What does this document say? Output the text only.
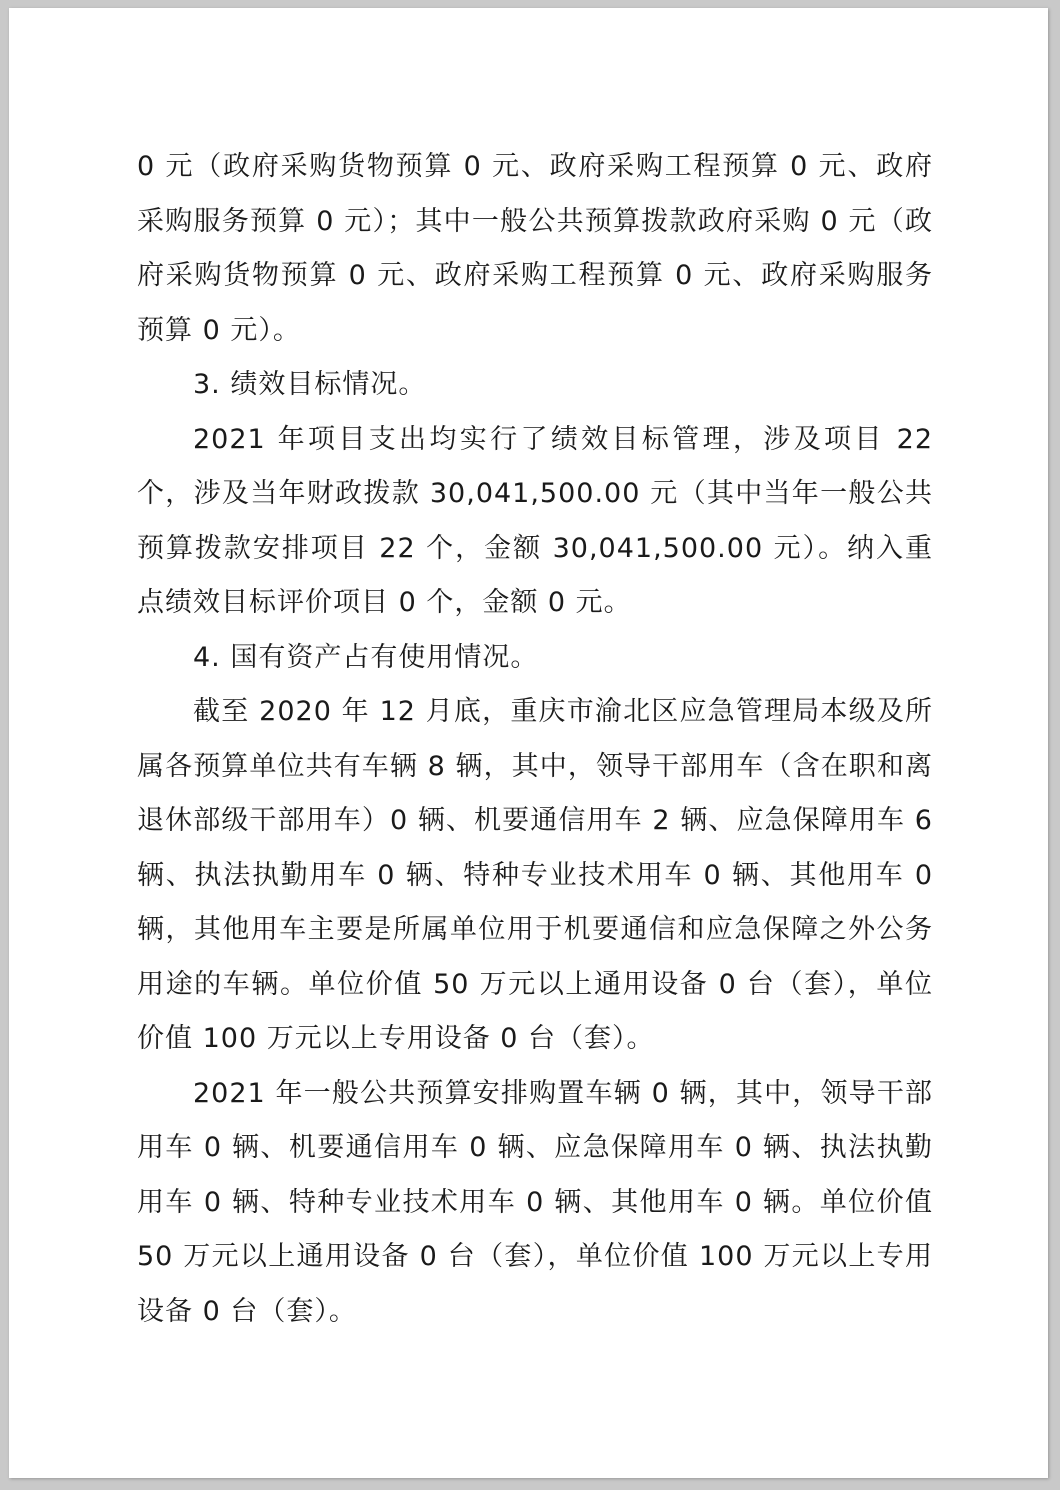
0 元（政府采购货物预算 0 元、政府采购工程预算 0 元、政府采购服务预算 0 元）；其中一般公共预算拨款政府采购 0 元（政府采购货物预算 0 元、政府采购工程预算 0 元、政府采购服务预算 0 元）。

3. 绩效目标情况。

2021 年项目支出均实行了绩效目标管理，涉及项目 22 个，涉及当年财政拨款 30,041,500.00 元（其中当年一般公共预算拨款安排项目 22 个，金额 30,041,500.00 元）。纳入重点绩效目标评价项目 0 个，金额 0 元。

4. 国有资产占有使用情况。

截至 2020 年 12 月底，重庆市渝北区应急管理局本级及所属各预算单位共有车辆 8 辆，其中，领导干部用车（含在职和离退休部级干部用车）0 辆、机要通信用车 2 辆、应急保障用车 6 辆、执法执勤用车 0 辆、特种专业技术用车 0 辆、其他用车 0 辆，其他用车主要是所属单位用于机要通信和应急保障之外公务用途的车辆。单位价值 50 万元以上通用设备 0 台（套），单位价值 100 万元以上专用设备 0 台（套）。

2021 年一般公共预算安排购置车辆 0 辆，其中，领导干部用车 0 辆、机要通信用车 0 辆、应急保障用车 0 辆、执法执勤用车 0 辆、特种专业技术用车 0 辆、其他用车 0 辆。单位价值 50 万元以上通用设备 0 台（套），单位价值 100 万元以上专用设备 0 台（套）。
